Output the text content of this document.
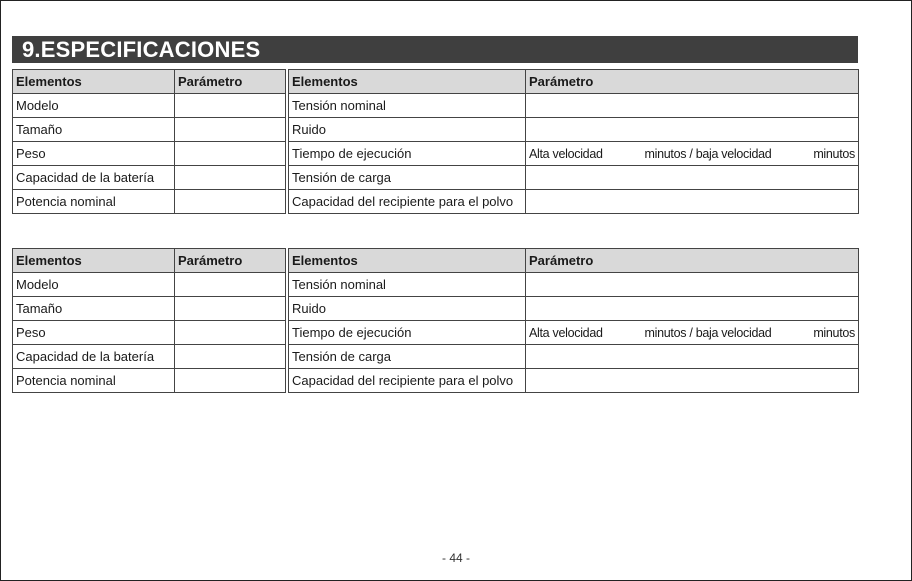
9.ESPECIFICACIONES
Elementos	Parámetro
Modelo	
Tamaño	
Peso	
Capacidad de la batería	
Potencia nominal	
Elementos	Parámetro
Tensión nominal	
Ruido	
Tiempo de ejecución	Alta velocidad minutos / baja velocidad minutos

Tensión de carga	
Capacidad del recipiente para el polvo	
Elementos	Parámetro
Modelo	
Tamaño	
Peso	
Capacidad de la batería	
Potencia nominal	
Elementos	Parámetro
Tensión nominal	
Ruido	
Tiempo de ejecución	Alta velocidad minutos / baja velocidad minutos

Tensión de carga	
Capacidad del recipiente para el polvo	
- 44 -
